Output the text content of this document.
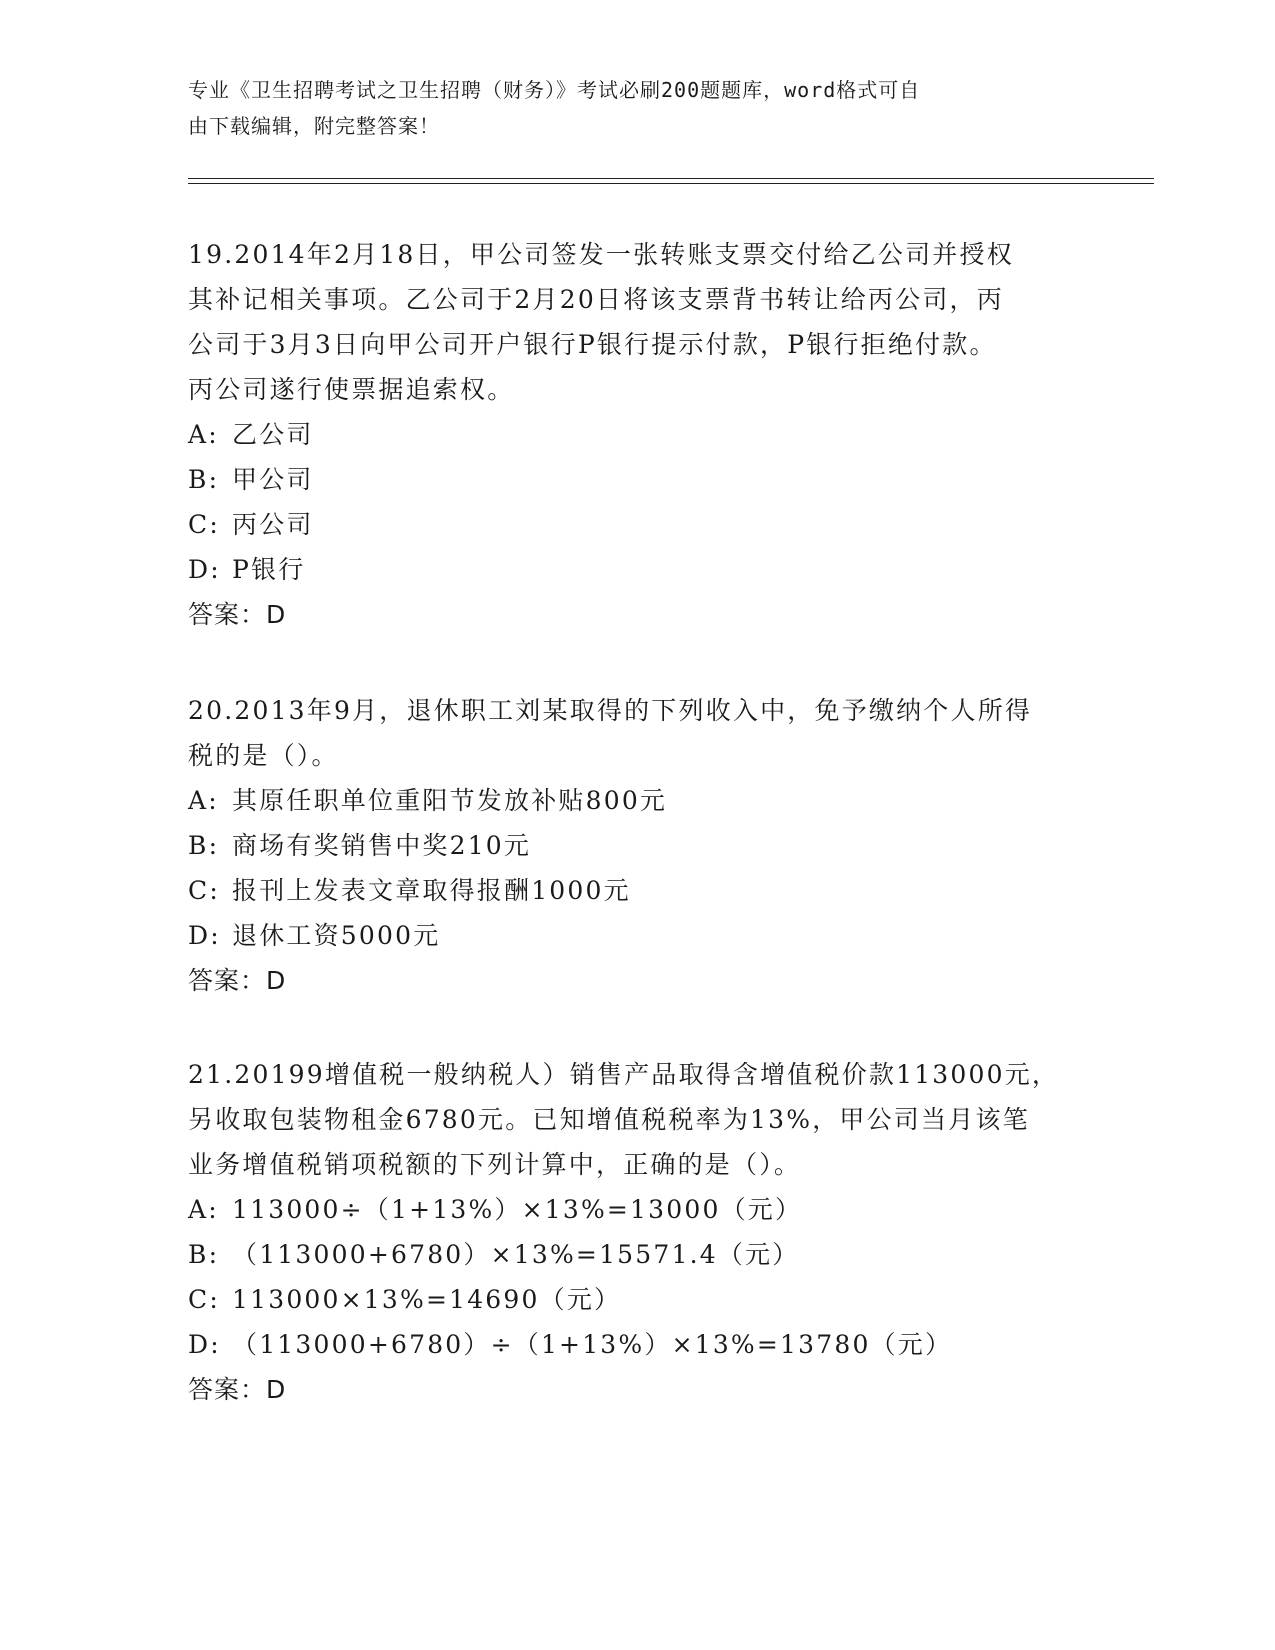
专业《卫生招聘考试之卫生招聘（财务）》考试必刷200题题库，word格式可自
由下载编辑，附完整答案！

19.2014年2月18日，甲公司签发一张转账支票交付给乙公司并授权

其补记相关事项。乙公司于2月20日将该支票背书转让给丙公司，丙

公司于3月3日向甲公司开户银行P银行提示付款，P银行拒绝付款。

丙公司遂行使票据追索权。

A: 乙公司

B: 甲公司

C: 丙公司

D: P银行

答案：D

20.2013年9月，退休职工刘某取得的下列收入中，免予缴纳个人所得

税的是（）。

A: 其原任职单位重阳节发放补贴800元

B: 商场有奖销售中奖210元

C: 报刊上发表文章取得报酬1000元

D: 退休工资5000元

答案：D

21.20199增值税一般纳税人）销售产品取得含增值税价款113000元，

另收取包装物租金6780元。已知增值税税率为13%，甲公司当月该笔

业务增值税销项税额的下列计算中，正确的是（）。

A: 113000÷（1+13%）×13%=13000（元）

B: （113000+6780）×13%=15571.4（元）

C: 113000×13%=14690（元）

D: （113000+6780）÷（1+13%）×13%=13780（元）

答案：D
